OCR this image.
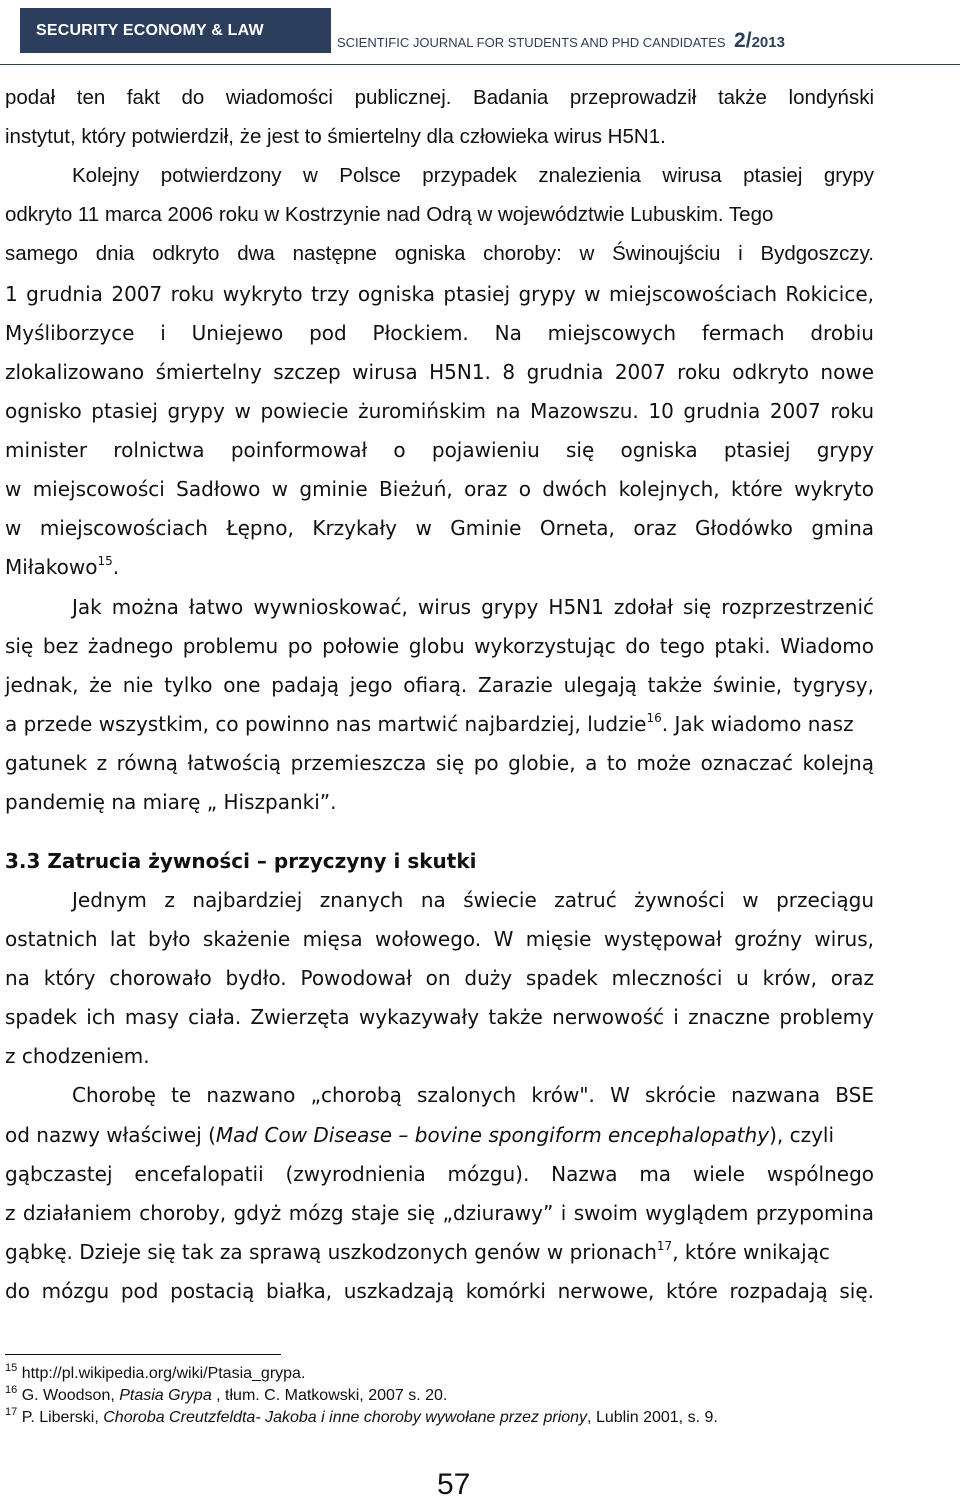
SECURITY ECONOMY & LAW
SCIENTIFIC JOURNAL FOR STUDENTS AND PHD CANDIDATES 2/2013
podał ten fakt do wiadomości publicznej. Badania przeprowadził także londyński
instytut, który potwierdził, że jest to śmiertelny dla człowieka wirus H5N1.
Kolejny potwierdzony w Polsce przypadek znalezienia wirusa ptasiej grypy
odkryto 11 marca 2006 roku w Kostrzynie nad Odrą w województwie Lubuskim. Tego
samego dnia odkryto dwa następne ogniska choroby: w Świnoujściu i Bydgoszczy.
1 grudnia 2007 roku wykryto trzy ogniska ptasiej grypy w miejscowościach Rokicice,
Myśliborzyce i Uniejewo pod Płockiem. Na miejscowych fermach drobiu
zlokalizowano śmiertelny szczep wirusa H5N1. 8 grudnia 2007 roku odkryto nowe
ognisko ptasiej grypy w powiecie żuromińskim na Mazowszu. 10 grudnia 2007 roku
minister rolnictwa poinformował o pojawieniu się ogniska ptasiej grypy
w miejscowości Sadłowo w gminie Bieżuń, oraz o dwóch kolejnych, które wykryto
w miejscowościach Łępno, Krzykały w Gminie Orneta, oraz Głodówko gmina
Miłakowo$^{15}$.
Jak można łatwo wywnioskować, wirus grypy H5N1 zdołał się rozprzestrzenić
się bez żadnego problemu po połowie globu wykorzystując do tego ptaki. Wiadomo
jednak, że nie tylko one padają jego ofiarą. Zarazie ulegają także świnie, tygrysy,
a przede wszystkim, co powinno nas martwić najbardziej, ludzie$^{16}$. Jak wiadomo nasz
gatunek z równą łatwością przemieszcza się po globie, a to może oznaczać kolejną
pandemię na miarę „ Hiszpanki”.
3.3 Zatrucia żywności – przyczyny i skutki
Jednym z najbardziej znanych na świecie zatruć żywności w przeciągu
ostatnich lat było skażenie mięsa wołowego. W mięsie występował groźny wirus,
na który chorowało bydło. Powodował on duży spadek mleczności u krów, oraz
spadek ich masy ciała. Zwierzęta wykazywały także nerwowość i znaczne problemy
z chodzeniem.
Chorobę te nazwano „chorobą szalonych krów". W skrócie nazwana BSE
od nazwy właściwej (Mad Cow Disease – bovine spongiform encephalopathy), czyli
gąbczastej encefalopatii (zwyrodnienia mózgu). Nazwa ma wiele wspólnego
z działaniem choroby, gdyż mózg staje się „dziurawy” i swoim wyglądem przypomina
gąbkę. Dzieje się tak za sprawą uszkodzonych genów w prionach$^{17}$, które wnikając
do mózgu pod postacią białka, uszkadzają komórki nerwowe, które rozpadają się.
$^{15}$ http://pl.wikipedia.org/wiki/Ptasia_grypa.
$^{16}$ G. Woodson, Ptasia Grypa , tłum. C. Matkowski, 2007 s. 20.
$^{17}$ P. Liberski, Choroba Creutzfeldta- Jakoba i inne choroby wywołane przez priony, Lublin 2001, s. 9.
57
